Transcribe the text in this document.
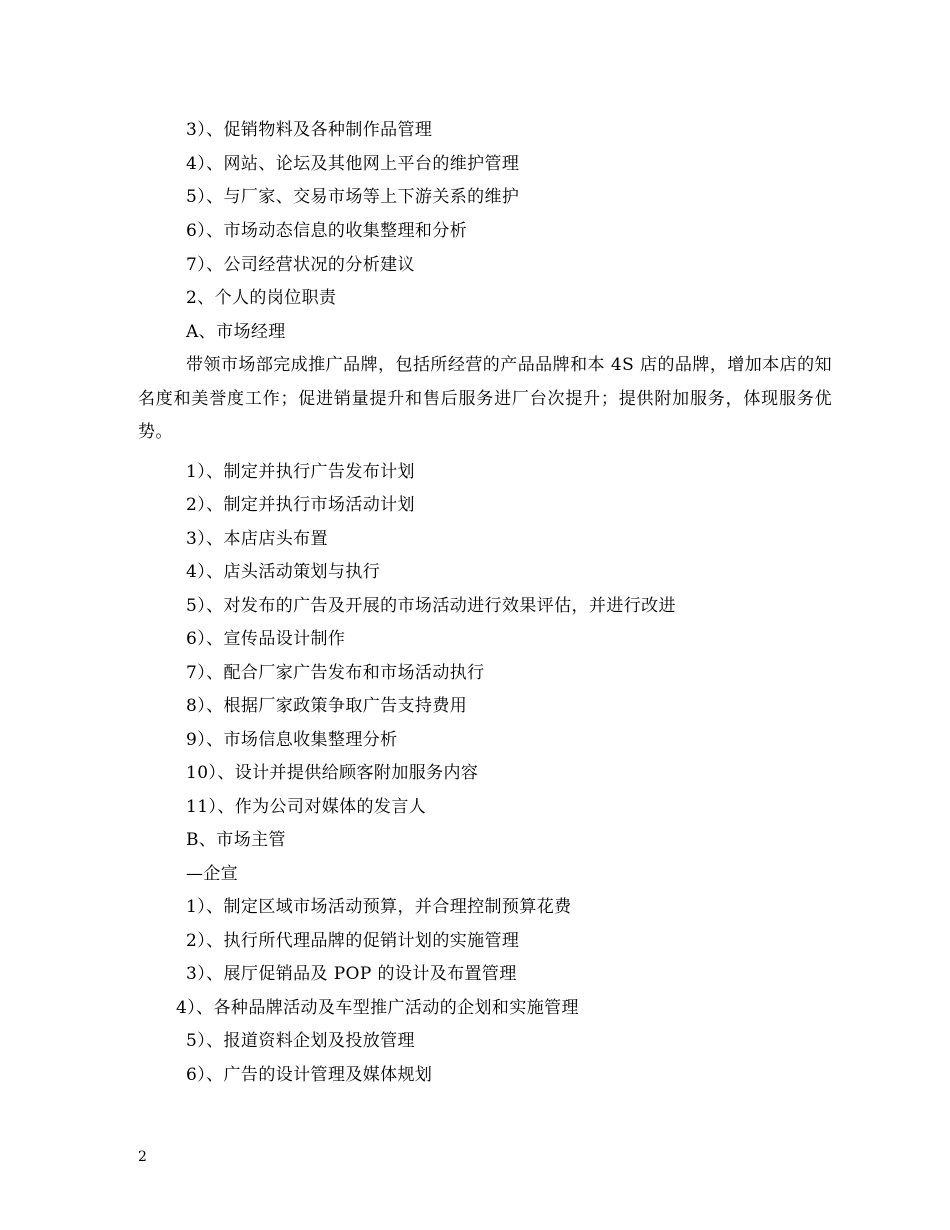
3）、促销物料及各种制作品管理
4）、网站、论坛及其他网上平台的维护管理
5）、与厂家、交易市场等上下游关系的维护
6）、市场动态信息的收集整理和分析
7）、公司经营状况的分析建议
2、个人的岗位职责
A、市场经理
带领市场部完成推广品牌，包括所经营的产品品牌和本 4S 店的品牌，增加本店的知名度和美誉度工作；促进销量提升和售后服务进厂台次提升；提供附加服务，体现服务优势。
1）、制定并执行广告发布计划
2）、制定并执行市场活动计划
3）、本店店头布置
4）、店头活动策划与执行
5）、对发布的广告及开展的市场活动进行效果评估，并进行改进
6）、宣传品设计制作
7）、配合厂家广告发布和市场活动执行
8）、根据厂家政策争取广告支持费用
9）、市场信息收集整理分析
10）、设计并提供给顾客附加服务内容
11）、作为公司对媒体的发言人
B、市场主管
—企宣
1）、制定区域市场活动预算，并合理控制预算花费
2）、执行所代理品牌的促销计划的实施管理
3）、展厅促销品及 POP 的设计及布置管理
4）、各种品牌活动及车型推广活动的企划和实施管理
5）、报道资料企划及投放管理
6）、广告的设计管理及媒体规划
2
